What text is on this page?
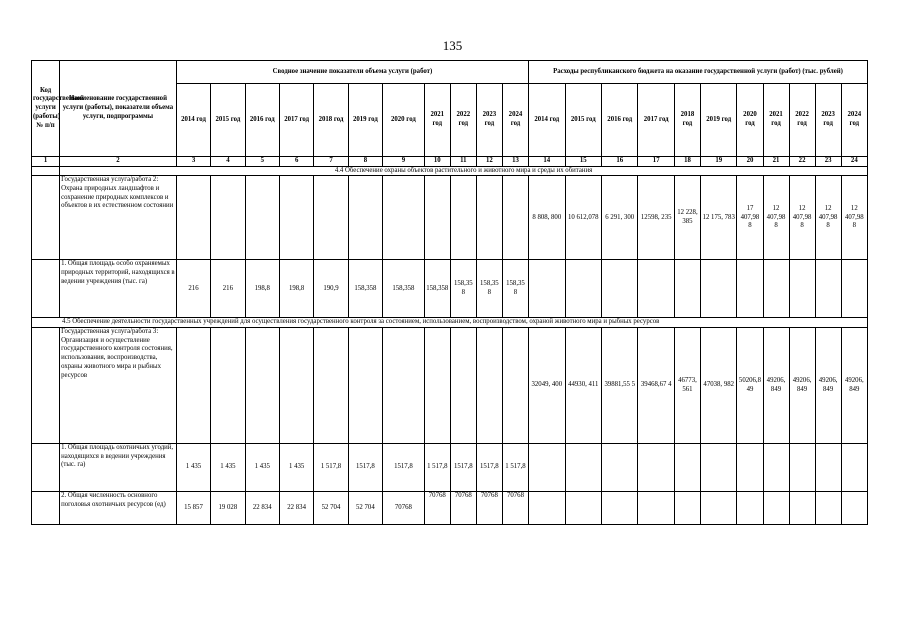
135
Код государственной услуги (работы) № п/п	Наименование государственной услуги (работы), показатели объема услуги, подпрограммы	Сводное значение показатели объема услуги (работ)											Расходы республиканского бюджета на оказание государственной услуги (работ) (тыс. рублей)										
		2014 год	2015 год	2016 год	2017 год	2018 год	2019 год	2020 год	2021 год	2022 год	2023 год	2024 год	2014 год	2015 год	2016 год	2017 год	2018 год	2019 год	2020 год	2021 год	2022 год	2023 год	2024 год
1	2	3	4	5	6	7	8	9	10	11	12	13	14	15	16	17	18	19	20	21	22	23	24
	4.4 Обеспечение охраны объектов растительного и животного мира и среды их обитания																						
	Государственная услуга/работа 2: Охрана природных ландшафтов и сохранение природных комплексов и объектов в их естественном состоянии												8 808, 800	10 612,078	6 291, 300	12598, 235	12 228, 385	12 175, 783	17 407,98 8	12 407,98 8	12 407,98 8	12 407,98 8	12 407,98 8
	1. Общая площадь особо охраняемых природных территорий, находящихся в ведении учреждения (тыс. га)	216	216	198,8	198,8	190,9	158,358	158,358	158,358	158,35 8	158,35 8	158,35 8											
4.5 Обеспечение деятельности государственных учреждений для осуществления государственного контроля за состоянием, использованием, воспроизводством, охраной животного мира и рыбных ресурсов																							
	Государственная услуга/работа 3: Организация и осуществление государственного контроля состояния, использования, воспроизводства, охраны животного мира и рыбных ресурсов												32049, 400	44930, 411	39881,55 5	39468,67 4	46773, 561	47038, 982	50206,8 49	49206, 849	49206, 849	49206, 849	49206, 849
	1. Общая площадь охотничьих угодий, находящихся в ведении учреждения (тыс. га)	1 435	1 435	1 435	1 435	1 517,8	1517,8	1517,8	1 517,8	1517,8	1517,8	1 517,8											
	2. Общая численность основного поголовья охотничьих ресурсов (ед)	15 857	19 028	22 834	22 834	52 704	52 704	70768	70768	70768	70768	70768											
